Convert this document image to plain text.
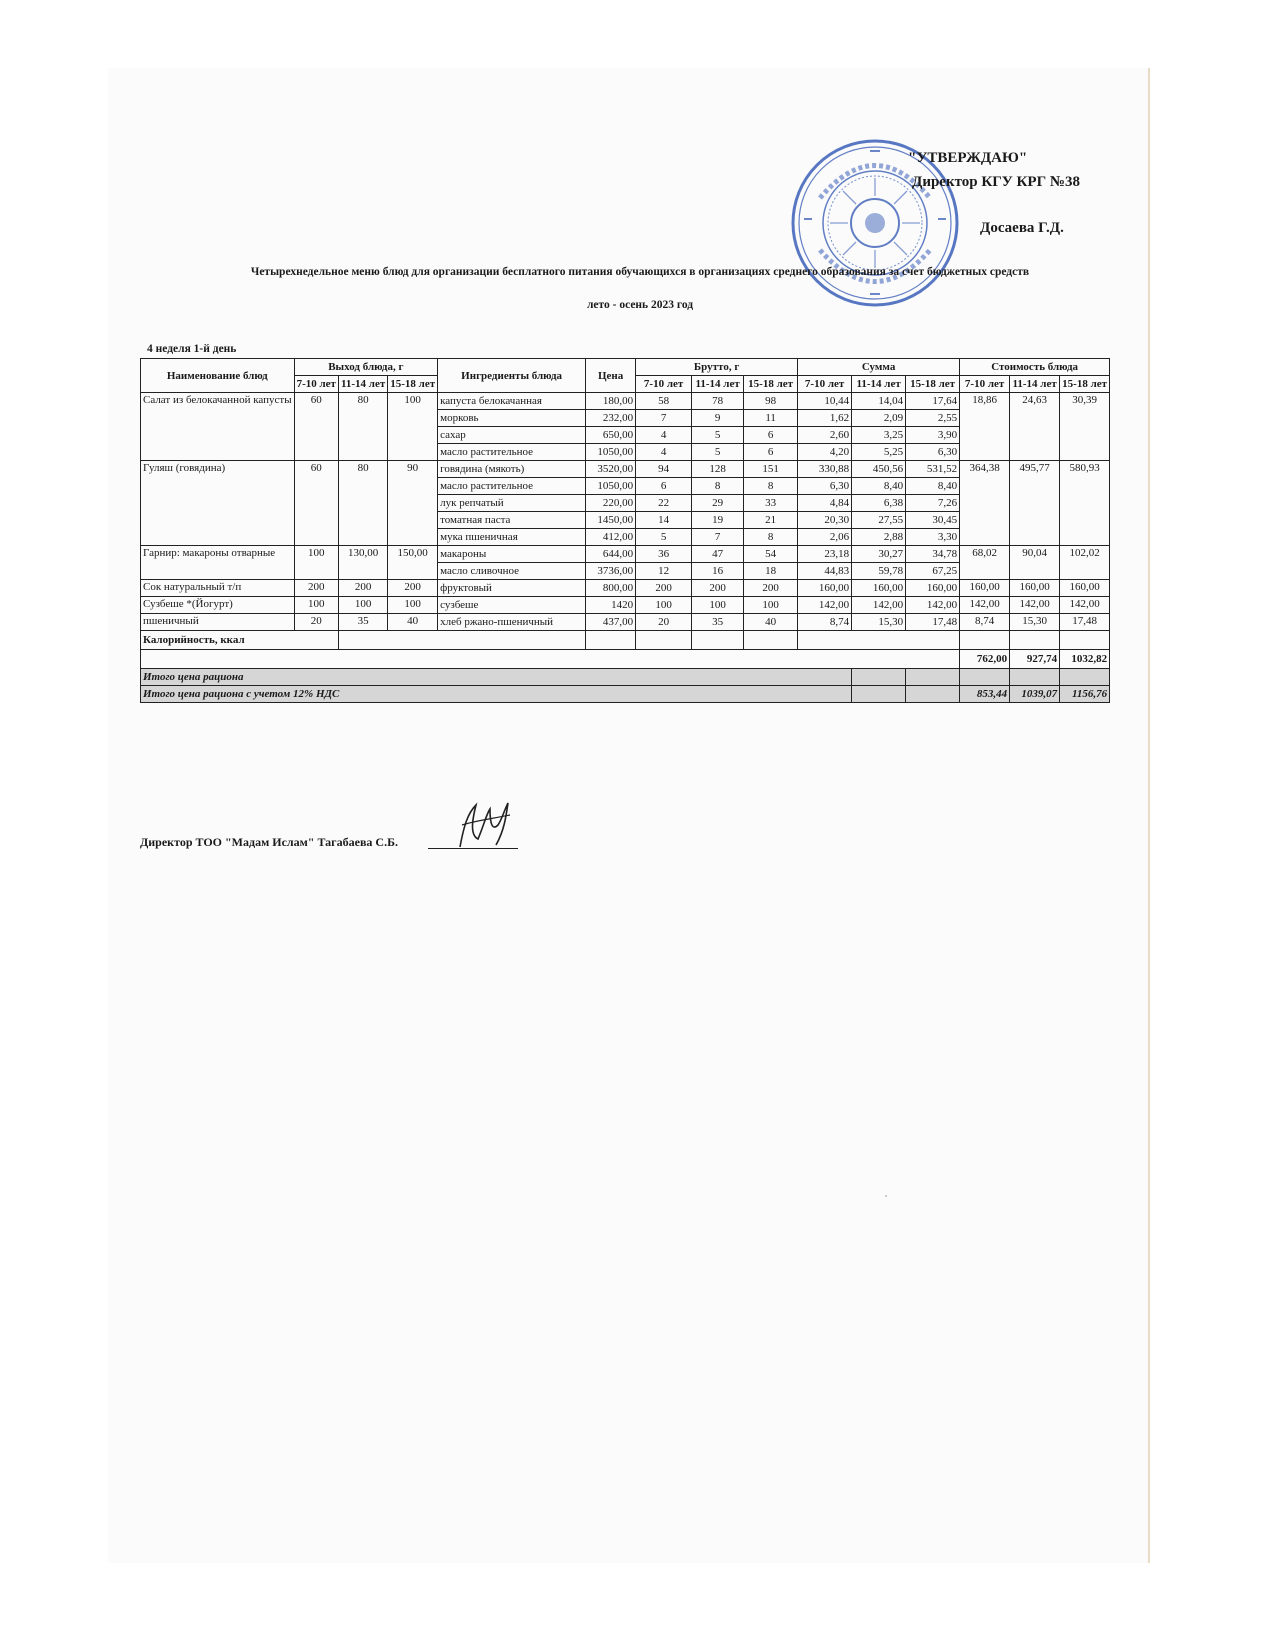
"УТВЕРЖДАЮ"
Директор КГУ КРГ №38
Досаева Г.Д.
Четырехнедельное меню блюд для организации бесплатного питания обучающихся в организациях среднего образования за счет бюджетных средств
лето - осень 2023 год
4 неделя 1-й день
Наименование блюд	Выход блюда, г			Ингредиенты блюда	Цена	Брутто, г			Сумма			Стоимость блюда		
	7-10 лет	11-14 лет	15-18 лет			7-10 лет	11-14 лет	15-18 лет	7-10 лет	11-14 лет	15-18 лет	7-10 лет	11-14 лет	15-18 лет
Салат из белокачанной капусты	60	80	100	капуста белокачанная	180,00	58	78	98	10,44	14,04	17,64	18,86	24,63	30,39
				морковь	232,00	7	9	11	1,62	2,09	2,55			
				сахар	650,00	4	5	6	2,60	3,25	3,90			
				масло растительное	1050,00	4	5	6	4,20	5,25	6,30			
Гуляш (говядина)	60	80	90	говядина (мякоть)	3520,00	94	128	151	330,88	450,56	531,52	364,38	495,77	580,93
				масло растительное	1050,00	6	8	8	6,30	8,40	8,40			
				лук репчатый	220,00	22	29	33	4,84	6,38	7,26			
				томатная паста	1450,00	14	19	21	20,30	27,55	30,45			
				мука пшеничная	412,00	5	7	8	2,06	2,88	3,30			
Гарнир: макароны отварные	100	130,00	150,00	макароны	644,00	36	47	54	23,18	30,27	34,78	68,02	90,04	102,02
				масло сливочное	3736,00	12	16	18	44,83	59,78	67,25			
Сок натуральный т/п	200	200	200	фруктовый	800,00	200	200	200	160,00	160,00	160,00	160,00	160,00	160,00
Сузбеше *(Йогурт)	100	100	100	сузбеше	1420	100	100	100	142,00	142,00	142,00	142,00	142,00	142,00
пшеничный	20	35	40	хлеб ржано-пшеничный	437,00	20	35	40	8,74	15,30	17,48	8,74	15,30	17,48
Калорийность, ккал														
												762,00	927,74	1032,82
Итого цена рациона														
Итого цена рациона с учетом 12% НДС												853,44	1039,07	1156,76
Директор ТОО "Мадам Ислам" Тагабаева С.Б.
